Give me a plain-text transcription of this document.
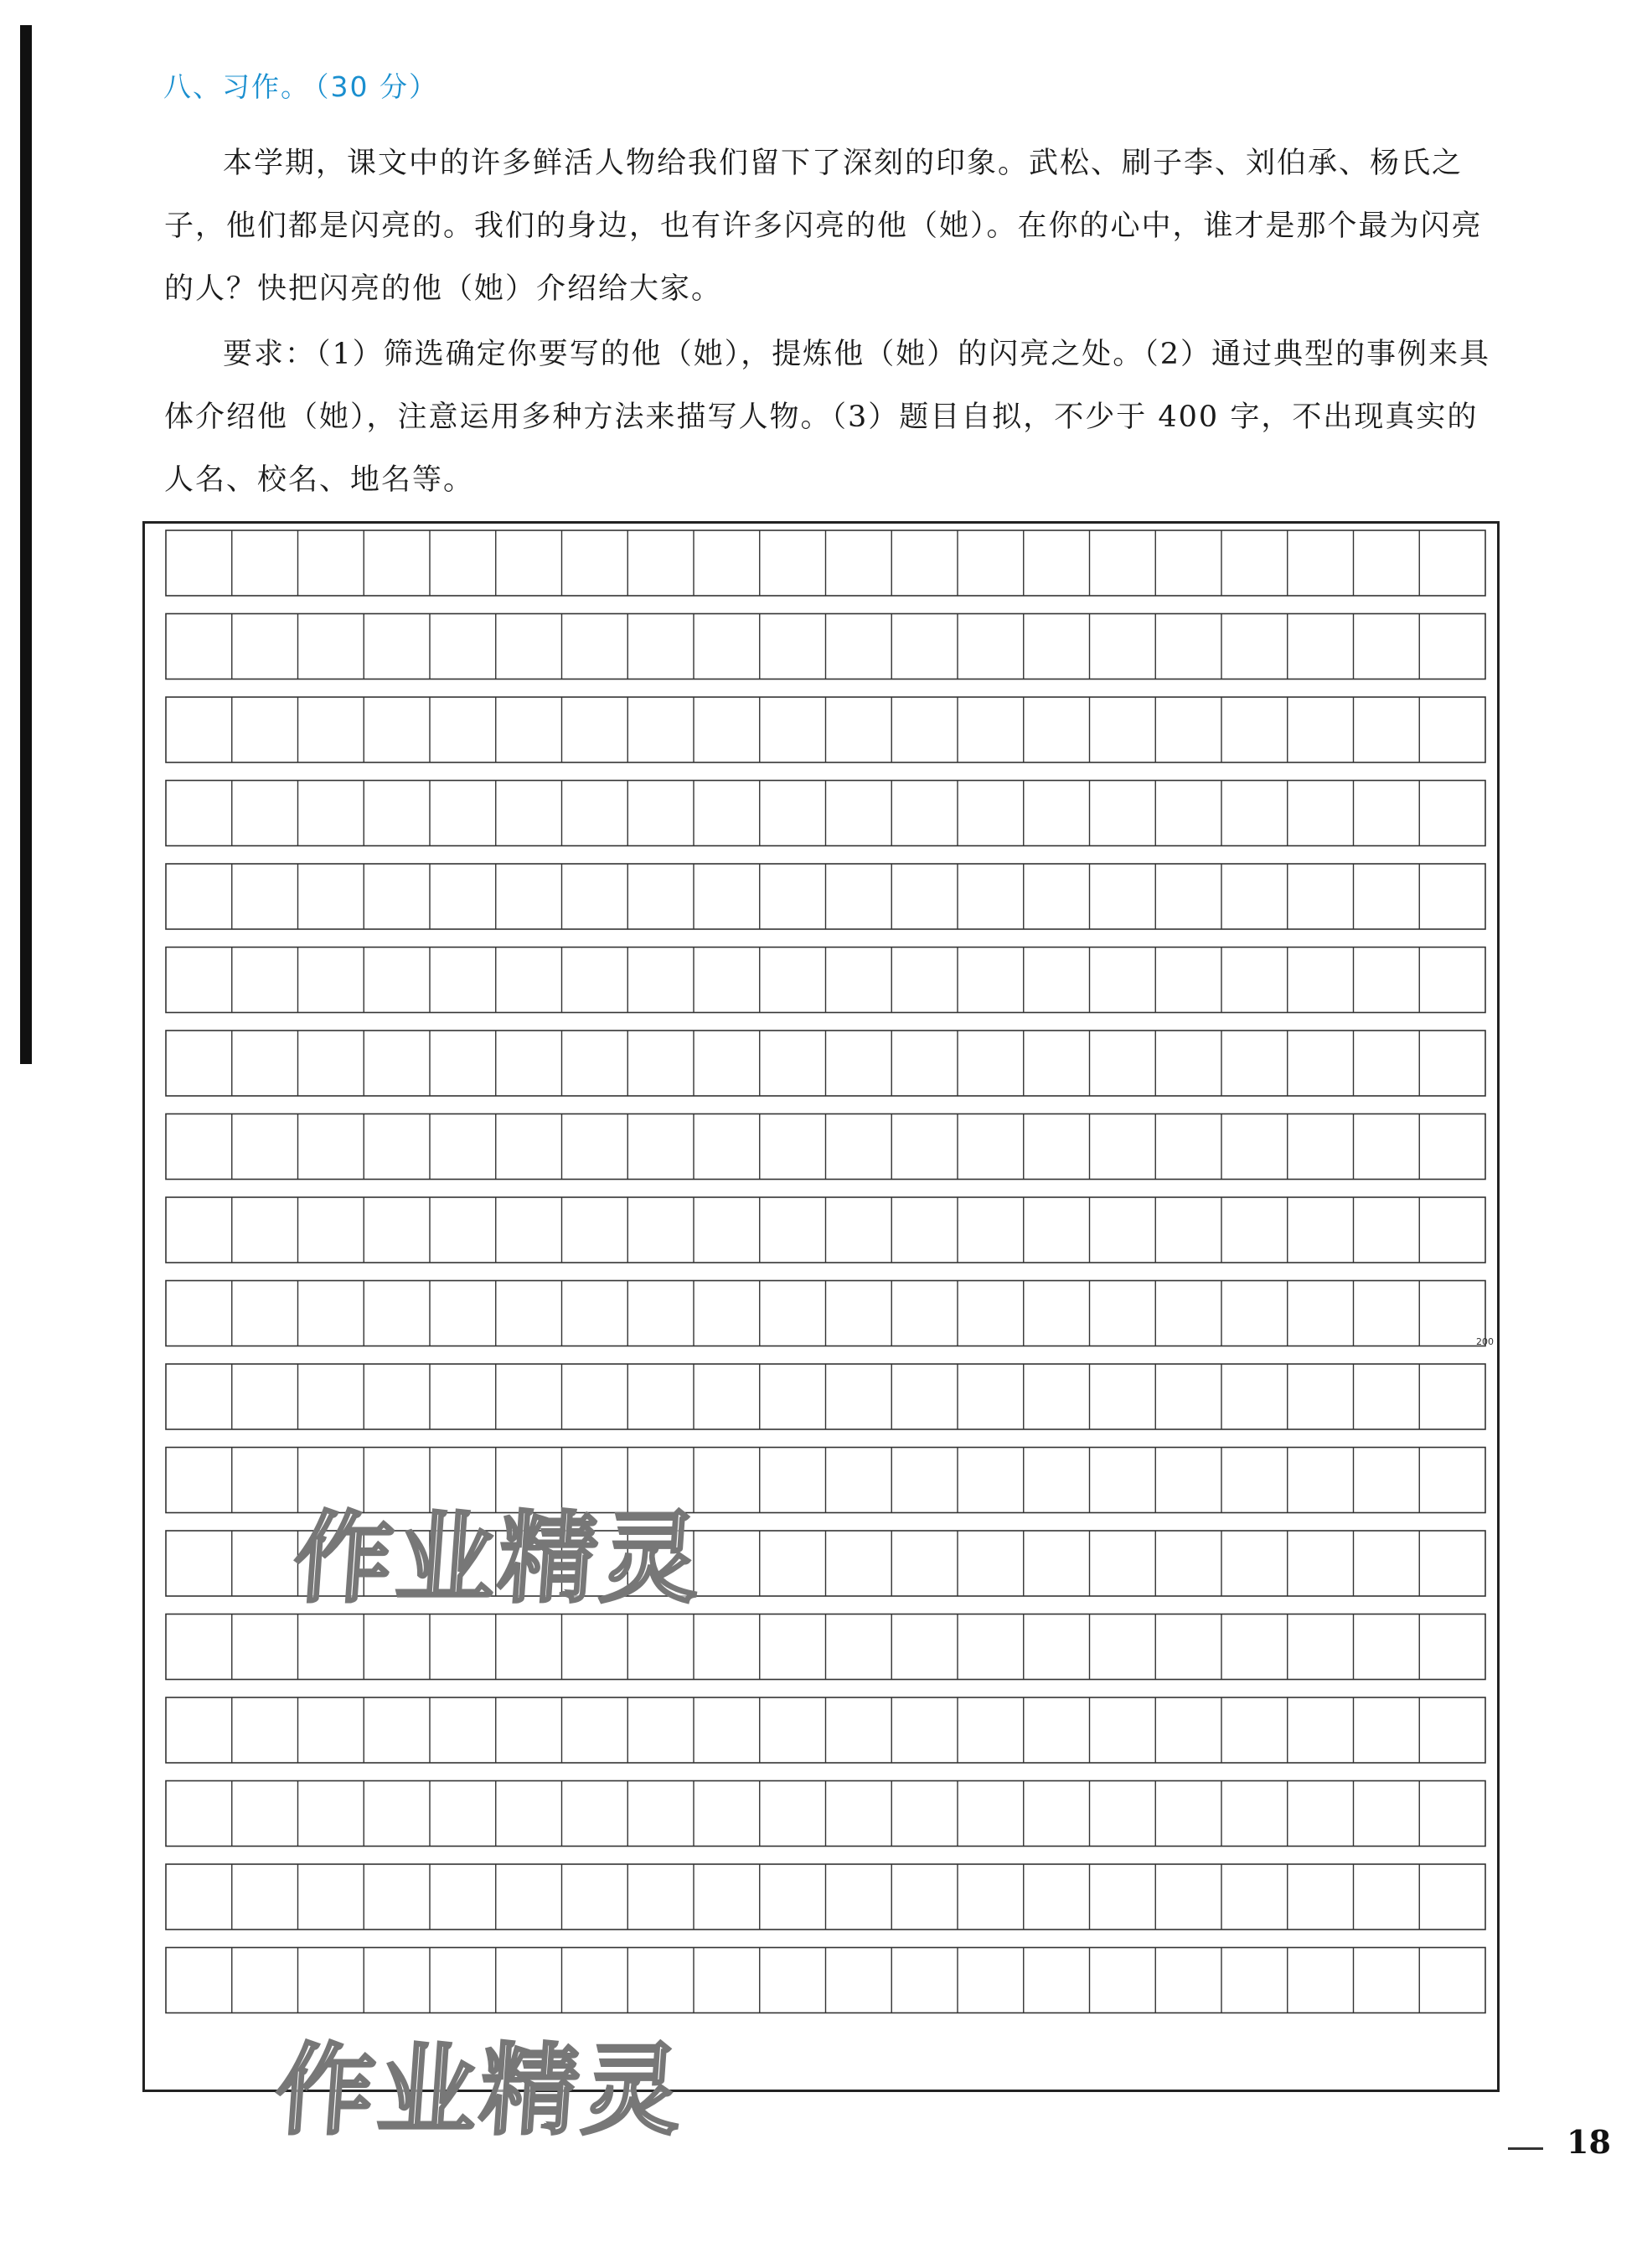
八、习作。 （30 分）

本学期，课文中的许多鲜活人物给我们留下了深刻的印象。武松、刷子李、刘伯承、杨氏之子，他们都是闪亮的。我们的身边，也有许多闪亮的他（她）。在你的心中，谁才是那个最为闪亮的人？快把闪亮的他（她）介绍给大家。

要求：（1）筛选确定你要写的他（她），提炼他（她）的闪亮之处。（2）通过典型的事例来具体介绍他（她），注意运用多种方法来描写人物。（3）题目自拟，不少于 400 字，不出现真实的人名、校名、地名等。

200
作业精灵
作业精灵	18
